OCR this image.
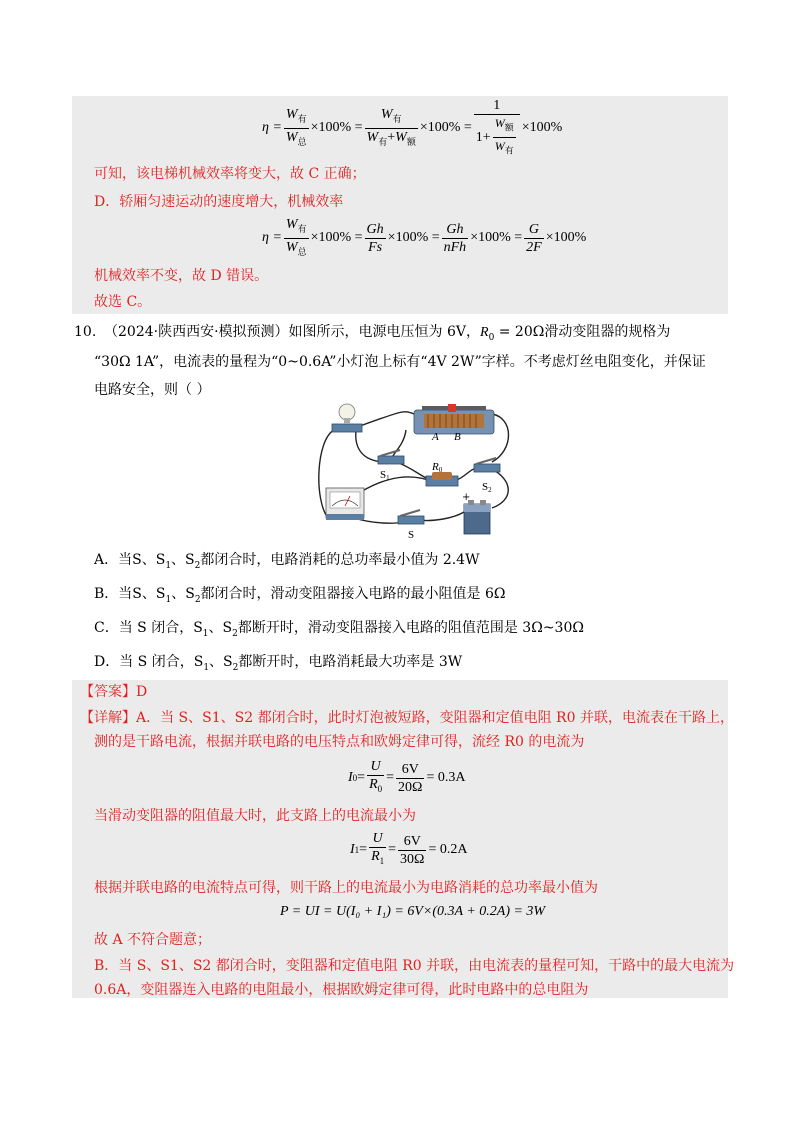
$\eta = \frac{W_有}{W_总} \times 100\% = \frac{W_有}{W_有+W_额} \times 100\% = \frac{1}{1+ \frac{W_额}{W_有}} \times 100\%$
可知，该电梯机械效率将变大，故 C 正确；
D．轿厢匀速运动的速度增大，机械效率
$\eta = \frac{W_有}{W_总} \times 100\% = \frac{Gh}{Fs} \times 100\% = \frac{Gh}{\text{nFh}} \times 100\% = \frac{G}{2F} \times 100\%$
机械效率不变，故 D 错误。
故选 C。
10. （2024·陕西西安·模拟预测）如图所示，电源电压恒为 6V，$R_0 = 20\Omega$滑动变阻器的规格为
“30Ω 1A”，电流表的量程为“0~0.6A”小灯泡上标有“4V 2W”字样。不考虑灯丝电阻变化，并保证
电路安全，则（ ）
A B
S1
R0
S2
S
+
A．当S、$S_1$、$S_2$都闭合时，电路消耗的总功率最小值为 2.4W
B．当S、$S_1$、$S_2$都闭合时，滑动变阻器接入电路的最小阻值是 6Ω
C．当 S 闭合，$S_1$、$S_2$都断开时，滑动变阻器接入电路的阻值范围是 3Ω~30Ω
D．当 S 闭合，$S_1$、$S_2$都断开时，电路消耗最大功率是 3W
【答案】D
【详解】A．当 S、S1、S2 都闭合时，此时灯泡被短路，变阻器和定值电阻 R0 并联，电流表在干路上，
测的是干路电流，根据并联电路的电压特点和欧姆定律可得，流经 R0 的电流为
I $0 = \frac{U}{R_0} = \frac{6V}{20\Omega} = 0.3A$
当滑动变阻器的阻值最大时，此支路上的电流最小为
I $1 = \frac{U}{R_1} = \frac{6V}{30\Omega} = 0.2A$
根据并联电路的电流特点可得，则干路上的电流最小为电路消耗的总功率最小值为
P = UI = U(I₀ + I₁) = 6V×(0.3A + 0.2A) = 3W
故 A 不符合题意；
B．当 S、S1、S2 都闭合时，变阻器和定值电阻 R0 并联，由电流表的量程可知，干路中的最大电流为
0.6A，变阻器连入电路的电阻最小，根据欧姆定律可得，此时电路中的总电阻为
